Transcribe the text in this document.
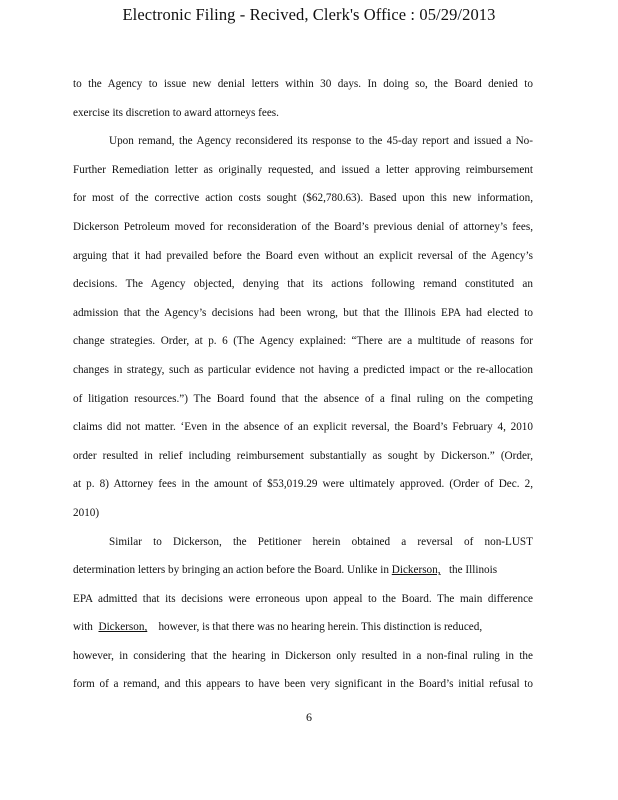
Electronic Filing - Recived, Clerk's Office : 05/29/2013
to the Agency to issue new denial letters within 30 days. In doing so, the Board denied to
exercise its discretion to award attorneys fees.
Upon remand, the Agency reconsidered its response to the 45-day report and issued a No-
Further Remediation letter as originally requested, and issued a letter approving reimbursement
for most of the corrective action costs sought ($62,780.63). Based upon this new information,
Dickerson Petroleum moved for reconsideration of the Board’s previous denial of attorney’s fees,
arguing that it had prevailed before the Board even without an explicit reversal of the Agency’s
decisions. The Agency objected, denying that its actions following remand constituted an
admission that the Agency’s decisions had been wrong, but that the Illinois EPA had elected to
change strategies. Order, at p. 6 (The Agency explained: “There are a multitude of reasons for
changes in strategy, such as particular evidence not having a predicted impact or the re-allocation
of litigation resources.”) The Board found that the absence of a final ruling on the competing
claims did not matter. ‘Even in the absence of an explicit reversal, the Board’s February 4, 2010
order resulted in relief including reimbursement substantially as sought by Dickerson.” (Order,
at p. 8) Attorney fees in the amount of $53,019.29 were ultimately approved. (Order of Dec. 2,
2010)
Similar to Dickerson, the Petitioner herein obtained a reversal of non-LUST
determination letters by bringing an action before the Board. Unlike in Dickerson, the Illinois
EPA admitted that its decisions were erroneous upon appeal to the Board. The main difference
with Dickerson, however, is that there was no hearing herein. This distinction is reduced,
however, in considering that the hearing in Dickerson only resulted in a non-final ruling in the
form of a remand, and this appears to have been very significant in the Board’s initial refusal to
6
